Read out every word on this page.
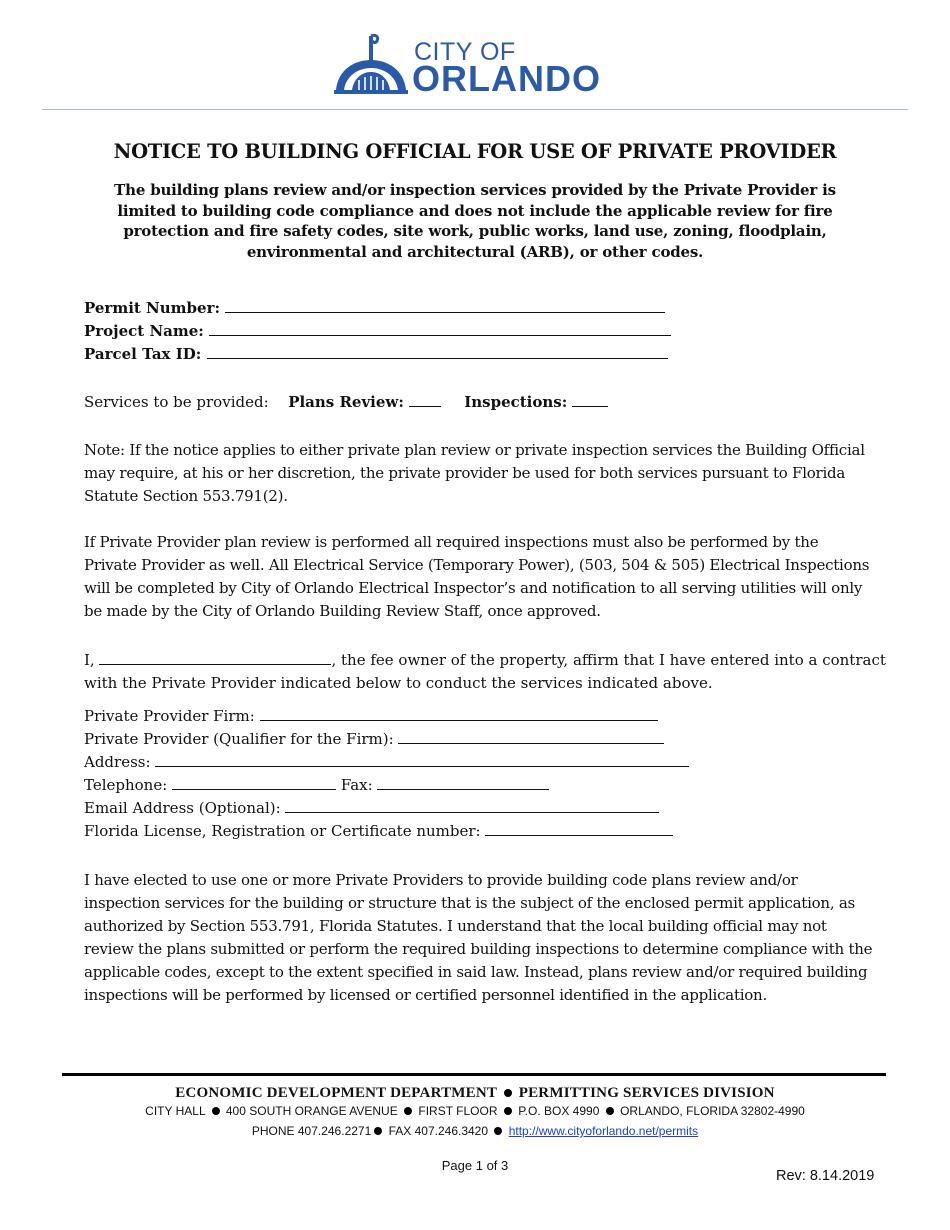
CITY OF
ORLANDO
NOTICE TO BUILDING OFFICIAL FOR USE OF PRIVATE PROVIDER
The building plans review and/or inspection services provided by the Private Provider is limited to building code compliance and does not include the applicable review for fire protection and fire safety codes, site work, public works, land use, zoning, floodplain, environmental and architectural (ARB), or other codes.
Permit Number:
Project Name:
Parcel Tax ID:
Services to be provided: Plans Review:	Inspections:
Note: If the notice applies to either private plan review or private inspection services the Building Official may require, at his or her discretion, the private provider be used for both services pursuant to Florida Statute Section 553.791(2).
If Private Provider plan review is performed all required inspections must also be performed by the Private Provider as well. All Electrical Service (Temporary Power), (503, 504 & 505) Electrical Inspections will be completed by City of Orlando Electrical Inspector’s and notification to all serving utilities will only be made by the City of Orlando Building Review Staff, once approved.
I,	, the fee owner of the property, affirm that I have entered into a contract
with the Private Provider indicated below to conduct the services indicated above.
Private Provider Firm:
Private Provider (Qualifier for the Firm):
Address:
Telephone:	Fax:
Email Address (Optional):
Florida License, Registration or Certificate number:
I have elected to use one or more Private Providers to provide building code plans review and/or inspection services for the building or structure that is the subject of the enclosed permit application, as authorized by Section 553.791, Florida Statutes. I understand that the local building official may not review the plans submitted or perform the required building inspections to determine compliance with the applicable codes, except to the extent specified in said law. Instead, plans review and/or required building inspections will be performed by licensed or certified personnel identified in the application.
ECONOMIC DEVELOPMENT DEPARTMENT PERMITTING SERVICES DIVISION
CITY HALL 400 SOUTH ORANGE AVENUE FIRST FLOOR P.O. BOX 4990 ORLANDO, FLORIDA 32802-4990
PHONE 407.246.2271 FAX 407.246.3420 http://www.cityoforlando.net/permits
Page 1 of 3
Rev: 8.14.2019
